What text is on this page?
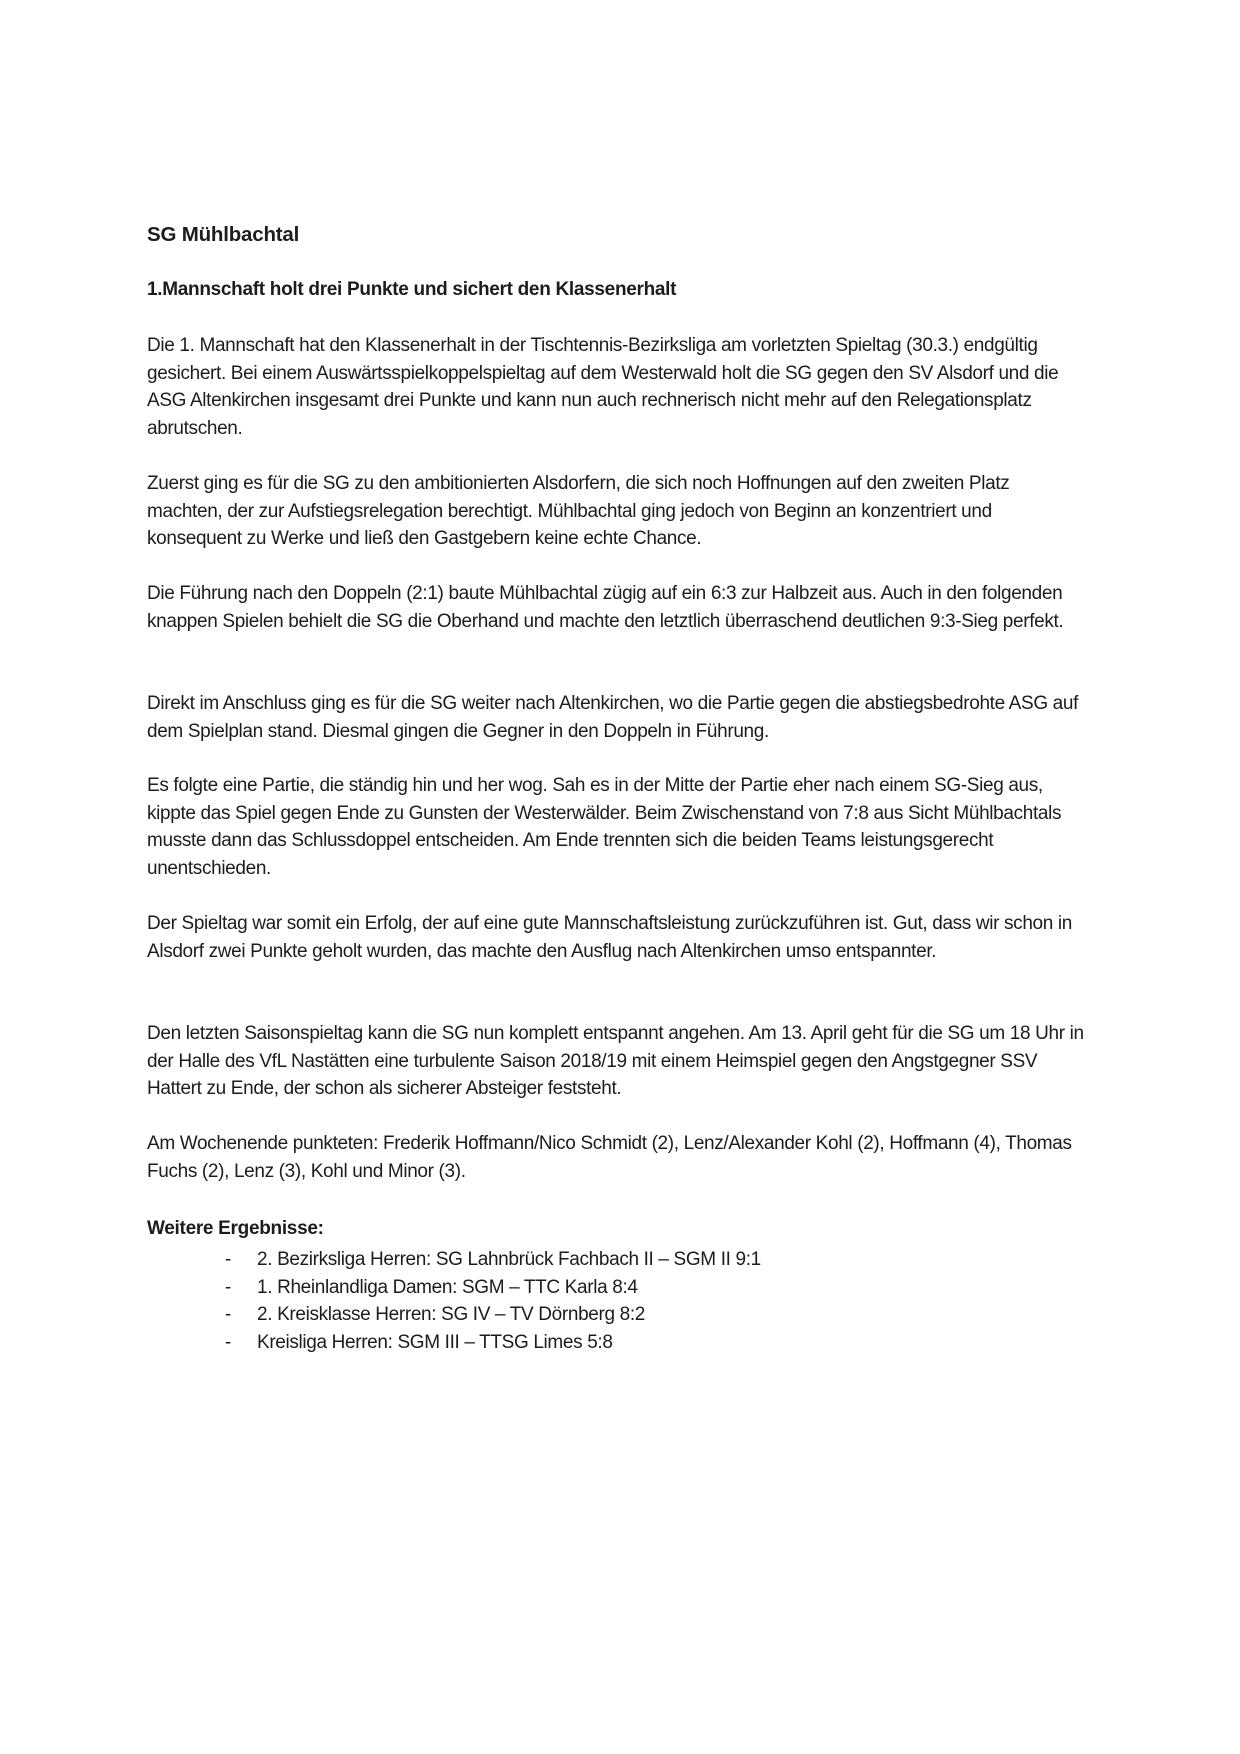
SG Mühlbachtal
1.Mannschaft holt drei Punkte und sichert den Klassenerhalt

Die 1. Mannschaft hat den Klassenerhalt in der Tischtennis-Bezirksliga am vorletzten Spieltag (30.3.) endgültig gesichert. Bei einem Auswärtsspielkoppelspieltag auf dem Westerwald holt die SG gegen den SV Alsdorf und die ASG Altenkirchen insgesamt drei Punkte und kann nun auch rechnerisch nicht mehr auf den Relegationsplatz abrutschen.

Zuerst ging es für die SG zu den ambitionierten Alsdorfern, die sich noch Hoffnungen auf den zweiten Platz machten, der zur Aufstiegsrelegation berechtigt. Mühlbachtal ging jedoch von Beginn an konzentriert und konsequent zu Werke und ließ den Gastgebern keine echte Chance.

Die Führung nach den Doppeln (2:1) baute Mühlbachtal zügig auf ein 6:3 zur Halbzeit aus. Auch in den folgenden knappen Spielen behielt die SG die Oberhand und machte den letztlich überraschend deutlichen 9:3-Sieg perfekt.

Direkt im Anschluss ging es für die SG weiter nach Altenkirchen, wo die Partie gegen die abstiegsbedrohte ASG auf dem Spielplan stand. Diesmal gingen die Gegner in den Doppeln in Führung.

Es folgte eine Partie, die ständig hin und her wog. Sah es in der Mitte der Partie eher nach einem SG-Sieg aus, kippte das Spiel gegen Ende zu Gunsten der Westerwälder. Beim Zwischenstand von 7:8 aus Sicht Mühlbachtals musste dann das Schlussdoppel entscheiden. Am Ende trennten sich die beiden Teams leistungsgerecht unentschieden.

Der Spieltag war somit ein Erfolg, der auf eine gute Mannschaftsleistung zurückzuführen ist. Gut, dass wir schon in Alsdorf zwei Punkte geholt wurden, das machte den Ausflug nach Altenkirchen umso entspannter.

Den letzten Saisonspieltag kann die SG nun komplett entspannt angehen. Am 13. April geht für die SG um 18 Uhr in der Halle des VfL Nastätten eine turbulente Saison 2018/19 mit einem Heimspiel gegen den Angstgegner SSV Hattert zu Ende, der schon als sicherer Absteiger feststeht.

Am Wochenende punkteten: Frederik Hoffmann/Nico Schmidt (2), Lenz/Alexander Kohl (2), Hoffmann (4), Thomas Fuchs (2), Lenz (3), Kohl und Minor (3).

Weitere Ergebnisse:
- 2. Bezirksliga Herren: SG Lahnbrück Fachbach II – SGM II 9:1
- 1. Rheinlandliga Damen: SGM – TTC Karla 8:4
- 2. Kreisklasse Herren: SG IV – TV Dörnberg 8:2
- Kreisliga Herren: SGM III – TTSG Limes 5:8
